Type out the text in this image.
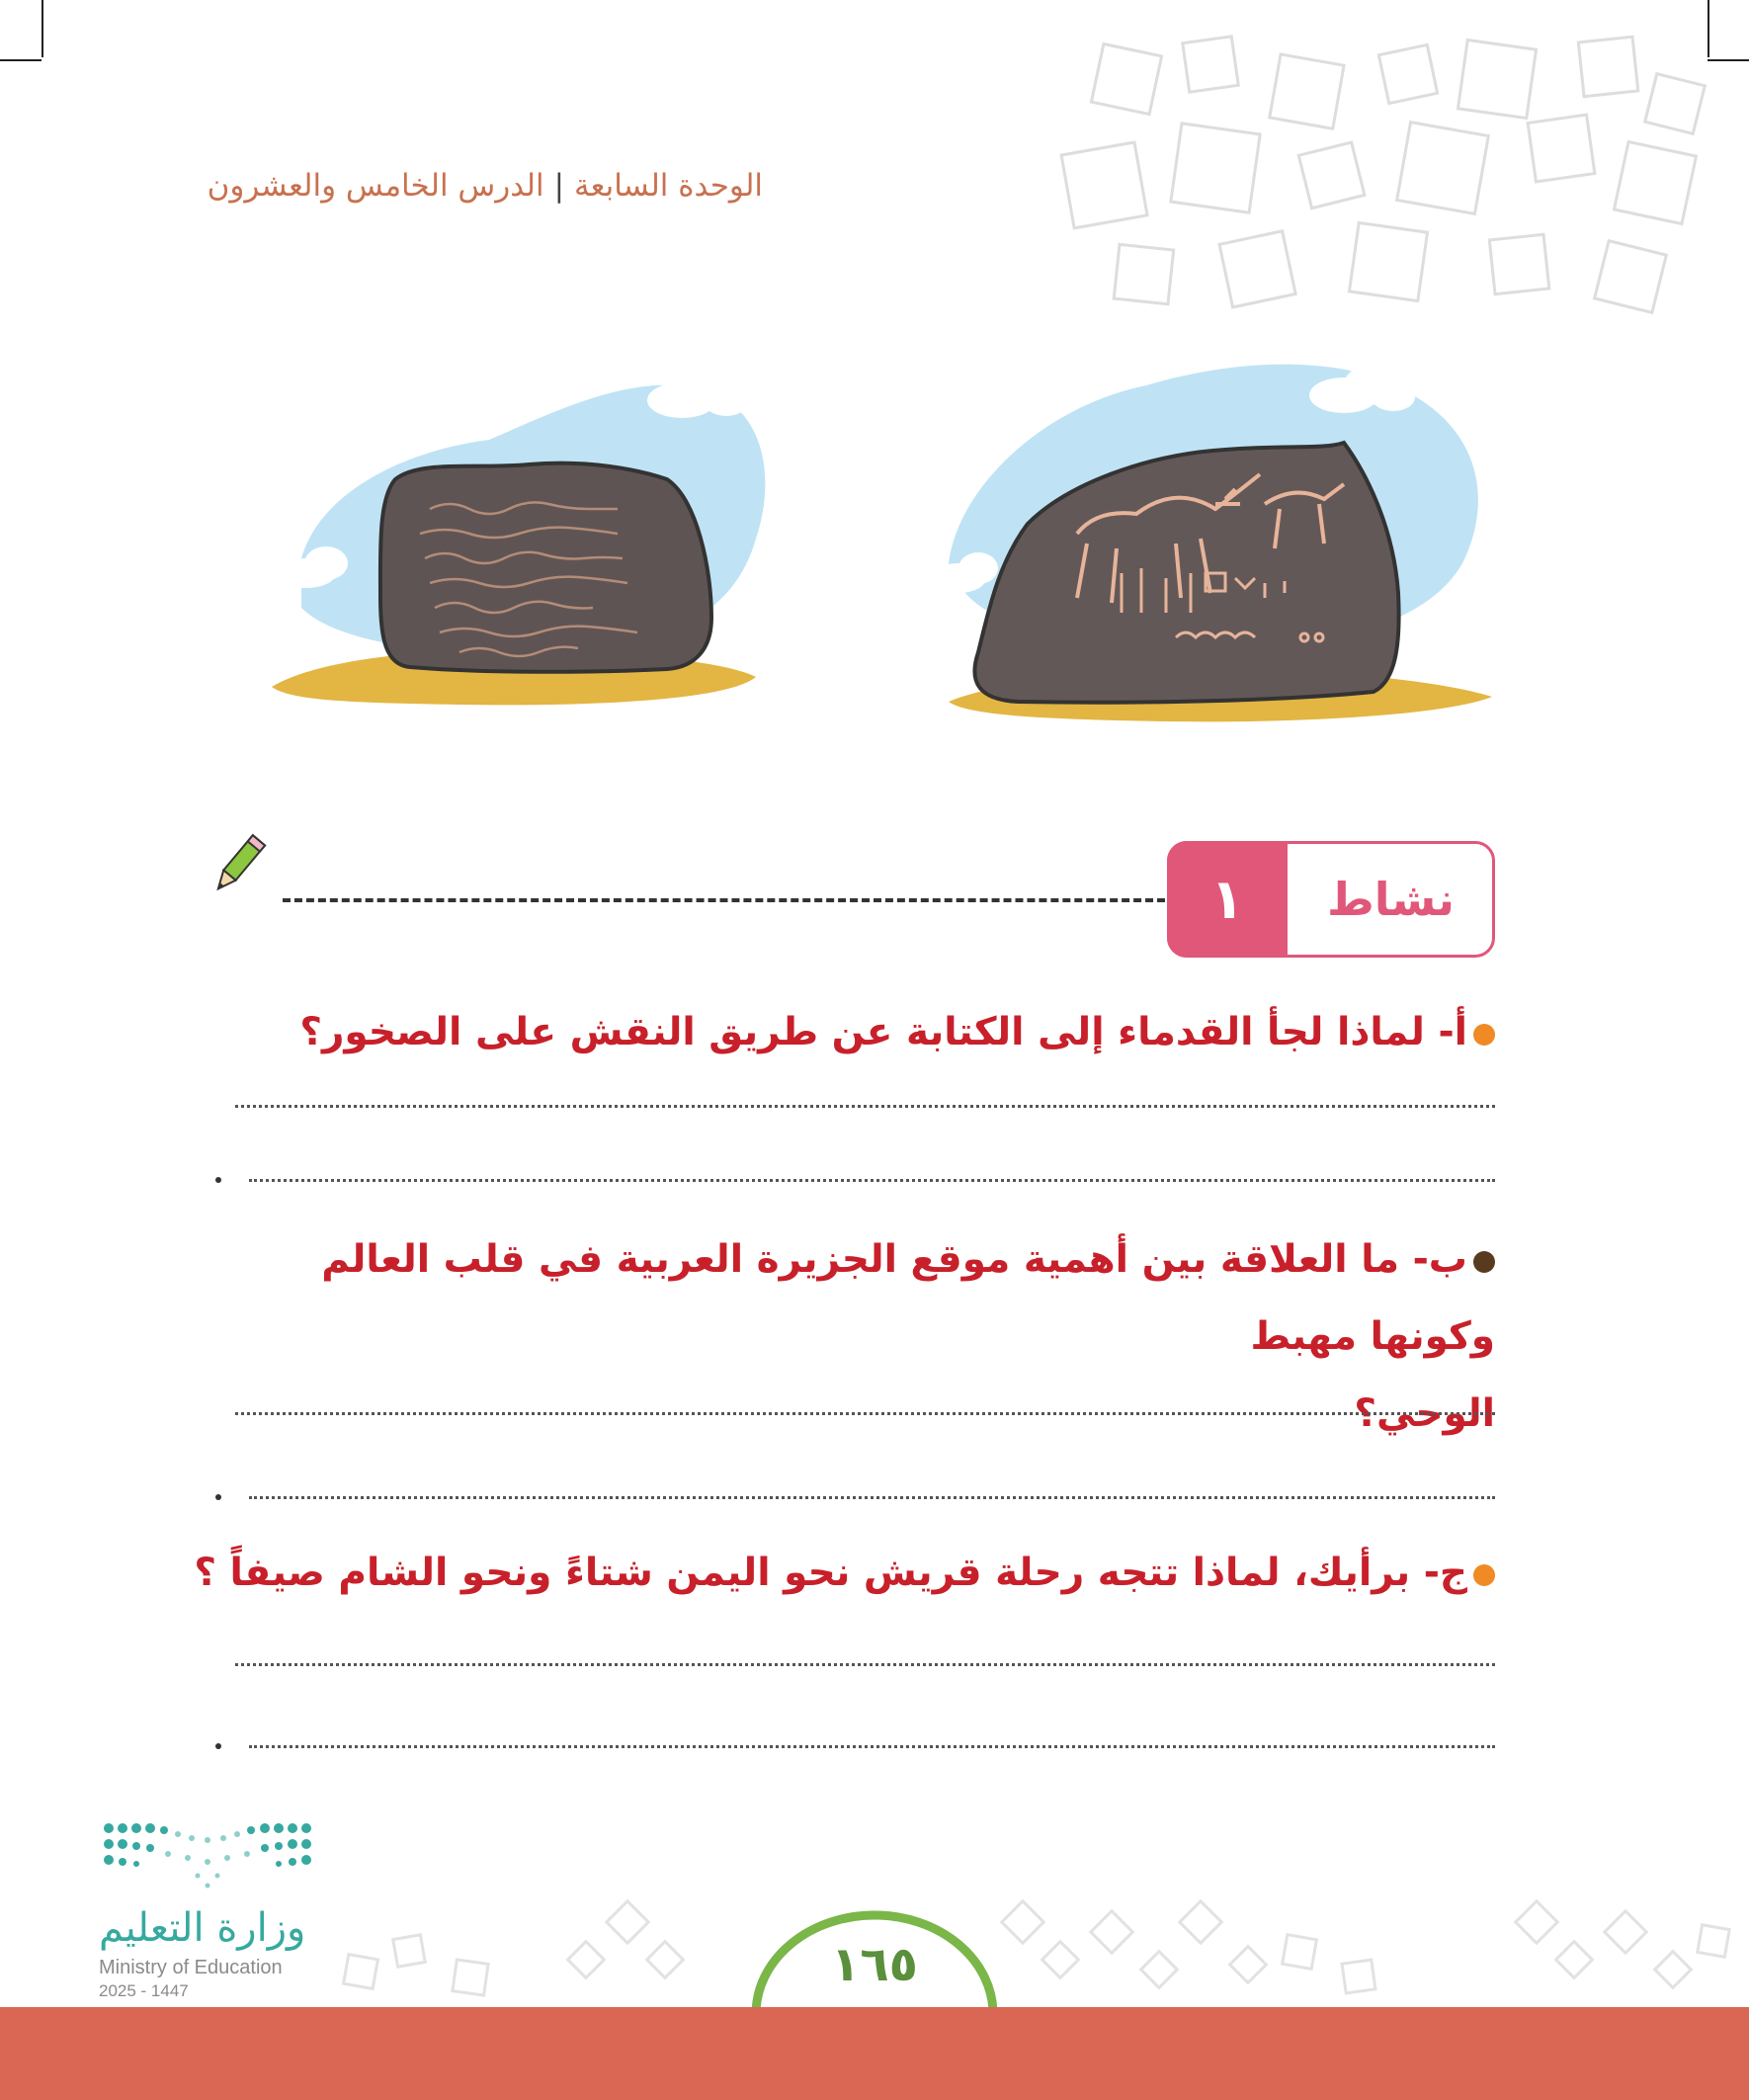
الوحدة السابعة|الدرس الخامس والعشرون
١	نشاط
أ- لماذا لجأ القدماء إلى الكتابة عن طريق النقش على الصخور؟
ب- ما العلاقة بين أهمية موقع الجزيرة العربية في قلب العالم وكونها مهبط
الوحي؟
ج- برأيك، لماذا تتجه رحلة قريش نحو اليمن شتاءً ونحو الشام صيفاً ؟
وزارة التعليم
Ministry of Education
2025 - 1447	١٦٥
